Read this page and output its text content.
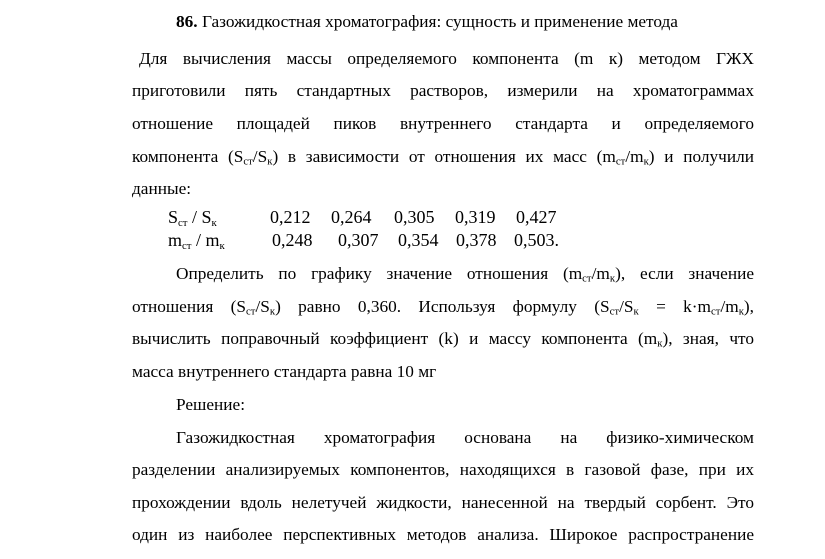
86. Газожидкостная хроматография: сущность и применение метода
Для вычисления массы определяемого компонента (m к) методом ГЖХ
приготовили пять стандартных растворов, измерили на хроматограммах
отношение площадей пиков внутреннего стандарта и определяемого
компонента $(S_{ст}/S_к)$ в зависимости от отношения их масс $(m_{ст}/m_к)$ и получили
данные:
$S_{ст} / S_к$	0,212 0,264 0,305 0,319 0,427
$m_{ст} / m_к$	0,248 0,307 0,354 0,378 0,503.
Определить по графику значение отношения $(m_{ст}/m_к)$, если значение
отношения $(S_{ст}/S_к)$ равно 0,360. Используя формулу $(S_{ст}/S_к = k\cdot m_{ст}/m_к)$,
вычислить поправочный коэффициент (k) и массу компонента $(m_к)$, зная, что
масса внутреннего стандарта равна 10 мг
Решение:
Газожидкостная хроматография основана на физико-химическом
разделении анализируемых компонентов, находящихся в газовой фазе, при их
прохождении вдоль нелетучей жидкости, нанесенной на твердый сорбент. Это
один из наиболее перспективных методов анализа. Широкое распространение
